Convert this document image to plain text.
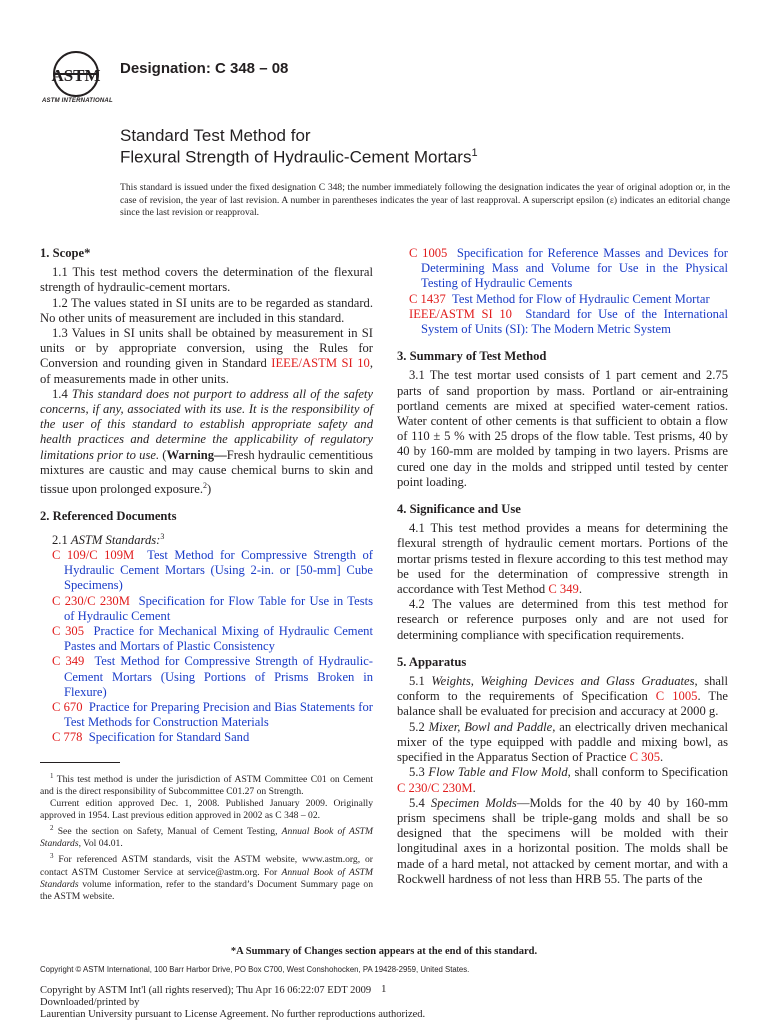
ASTM
ASTM INTERNATIONAL
Designation: C 348 – 08
Standard Test Method for
Flexural Strength of Hydraulic-Cement Mortars$^1$
This standard is issued under the fixed designation C 348; the number immediately following the designation indicates the year of original adoption or, in the case of revision, the year of last revision. A number in parentheses indicates the year of last reapproval. A superscript epsilon (ε) indicates an editorial change since the last revision or reapproval.

1. Scope*

1.1 This test method covers the determination of the flexural strength of hydraulic-cement mortars.

1.2 The values stated in SI units are to be regarded as standard. No other units of measurement are included in this standard.

1.3 Values in SI units shall be obtained by measurement in SI units or by appropriate conversion, using the Rules for Conversion and rounding given in Standard IEEE/ASTM SI 10, of measurements made in other units.

1.4 This standard does not purport to address all of the safety concerns, if any, associated with its use. It is the responsibility of the user of this standard to establish appropriate safety and health practices and determine the applicability of regulatory limitations prior to use. (Warning—Fresh hydraulic cementitious mixtures are caustic and may cause chemical burns to skin and tissue upon prolonged exposure.$^2$)

2. Referenced Documents

2.1 ASTM Standards:$^3$

C 109/C 109M Test Method for Compressive Strength of Hydraulic Cement Mortars (Using 2-in. or [50-mm] Cube Specimens)

C 230/C 230M Specification for Flow Table for Use in Tests of Hydraulic Cement

C 305 Practice for Mechanical Mixing of Hydraulic Cement Pastes and Mortars of Plastic Consistency

C 349 Test Method for Compressive Strength of Hydraulic-Cement Mortars (Using Portions of Prisms Broken in Flexure)

C 670 Practice for Preparing Precision and Bias Statements for Test Methods for Construction Materials

C 778 Specification for Standard Sand

$^1$ This test method is under the jurisdiction of ASTM Committee C01 on Cement and is the direct responsibility of Subcommittee C01.27 on Strength.

Current edition approved Dec. 1, 2008. Published January 2009. Originally approved in 1954. Last previous edition approved in 2002 as C 348 – 02.

$^2$ See the section on Safety, Manual of Cement Testing, Annual Book of ASTM Standards, Vol 04.01.

$^3$ For referenced ASTM standards, visit the ASTM website, www.astm.org, or contact ASTM Customer Service at service@astm.org. For Annual Book of ASTM Standards volume information, refer to the standard’s Document Summary page on the ASTM website.

C 1005 Specification for Reference Masses and Devices for Determining Mass and Volume for Use in the Physical Testing of Hydraulic Cements

C 1437 Test Method for Flow of Hydraulic Cement Mortar

IEEE/ASTM SI 10 Standard for Use of the International System of Units (SI): The Modern Metric System

3. Summary of Test Method

3.1 The test mortar used consists of 1 part cement and 2.75 parts of sand proportion by mass. Portland or air-entraining portland cements are mixed at specified water-cement ratios. Water content of other cements is that sufficient to obtain a flow of 110 ± 5 % with 25 drops of the flow table. Test prisms, 40 by 40 by 160-mm are molded by tamping in two layers. Prisms are cured one day in the molds and stripped until tested by center point loading.

4. Significance and Use

4.1 This test method provides a means for determining the flexural strength of hydraulic cement mortars. Portions of the mortar prisms tested in flexure according to this test method may be used for the determination of compressive strength in accordance with Test Method C 349.

4.2 The values are determined from this test method for research or reference purposes only and are not used for determining compliance with specification requirements.

5. Apparatus

5.1 Weights, Weighing Devices and Glass Graduates, shall conform to the requirements of Specification C 1005. The balance shall be evaluated for precision and accuracy at 2000 g.

5.2 Mixer, Bowl and Paddle, an electrically driven mechanical mixer of the type equipped with paddle and mixing bowl, as specified in the Apparatus Section of Practice C 305.

5.3 Flow Table and Flow Mold, shall conform to Specification C 230/C 230M.

5.4 Specimen Molds—Molds for the 40 by 40 by 160-mm prism specimens shall be triple-gang molds and shall be so designed that the specimens will be molded with their longitudinal axes in a horizontal position. The molds shall be made of a hard metal, not attacked by cement mortar, and with a Rockwell hardness of not less than HRB 55. The parts of the

*A Summary of Changes section appears at the end of this standard.
Copyright © ASTM International, 100 Barr Harbor Drive, PO Box C700, West Conshohocken, PA 19428-2959, United States.
1
Copyright by ASTM Int'l (all rights reserved); Thu Apr 16 06:22:07 EDT 2009
Downloaded/printed by
Laurentian University pursuant to License Agreement. No further reproductions authorized.
